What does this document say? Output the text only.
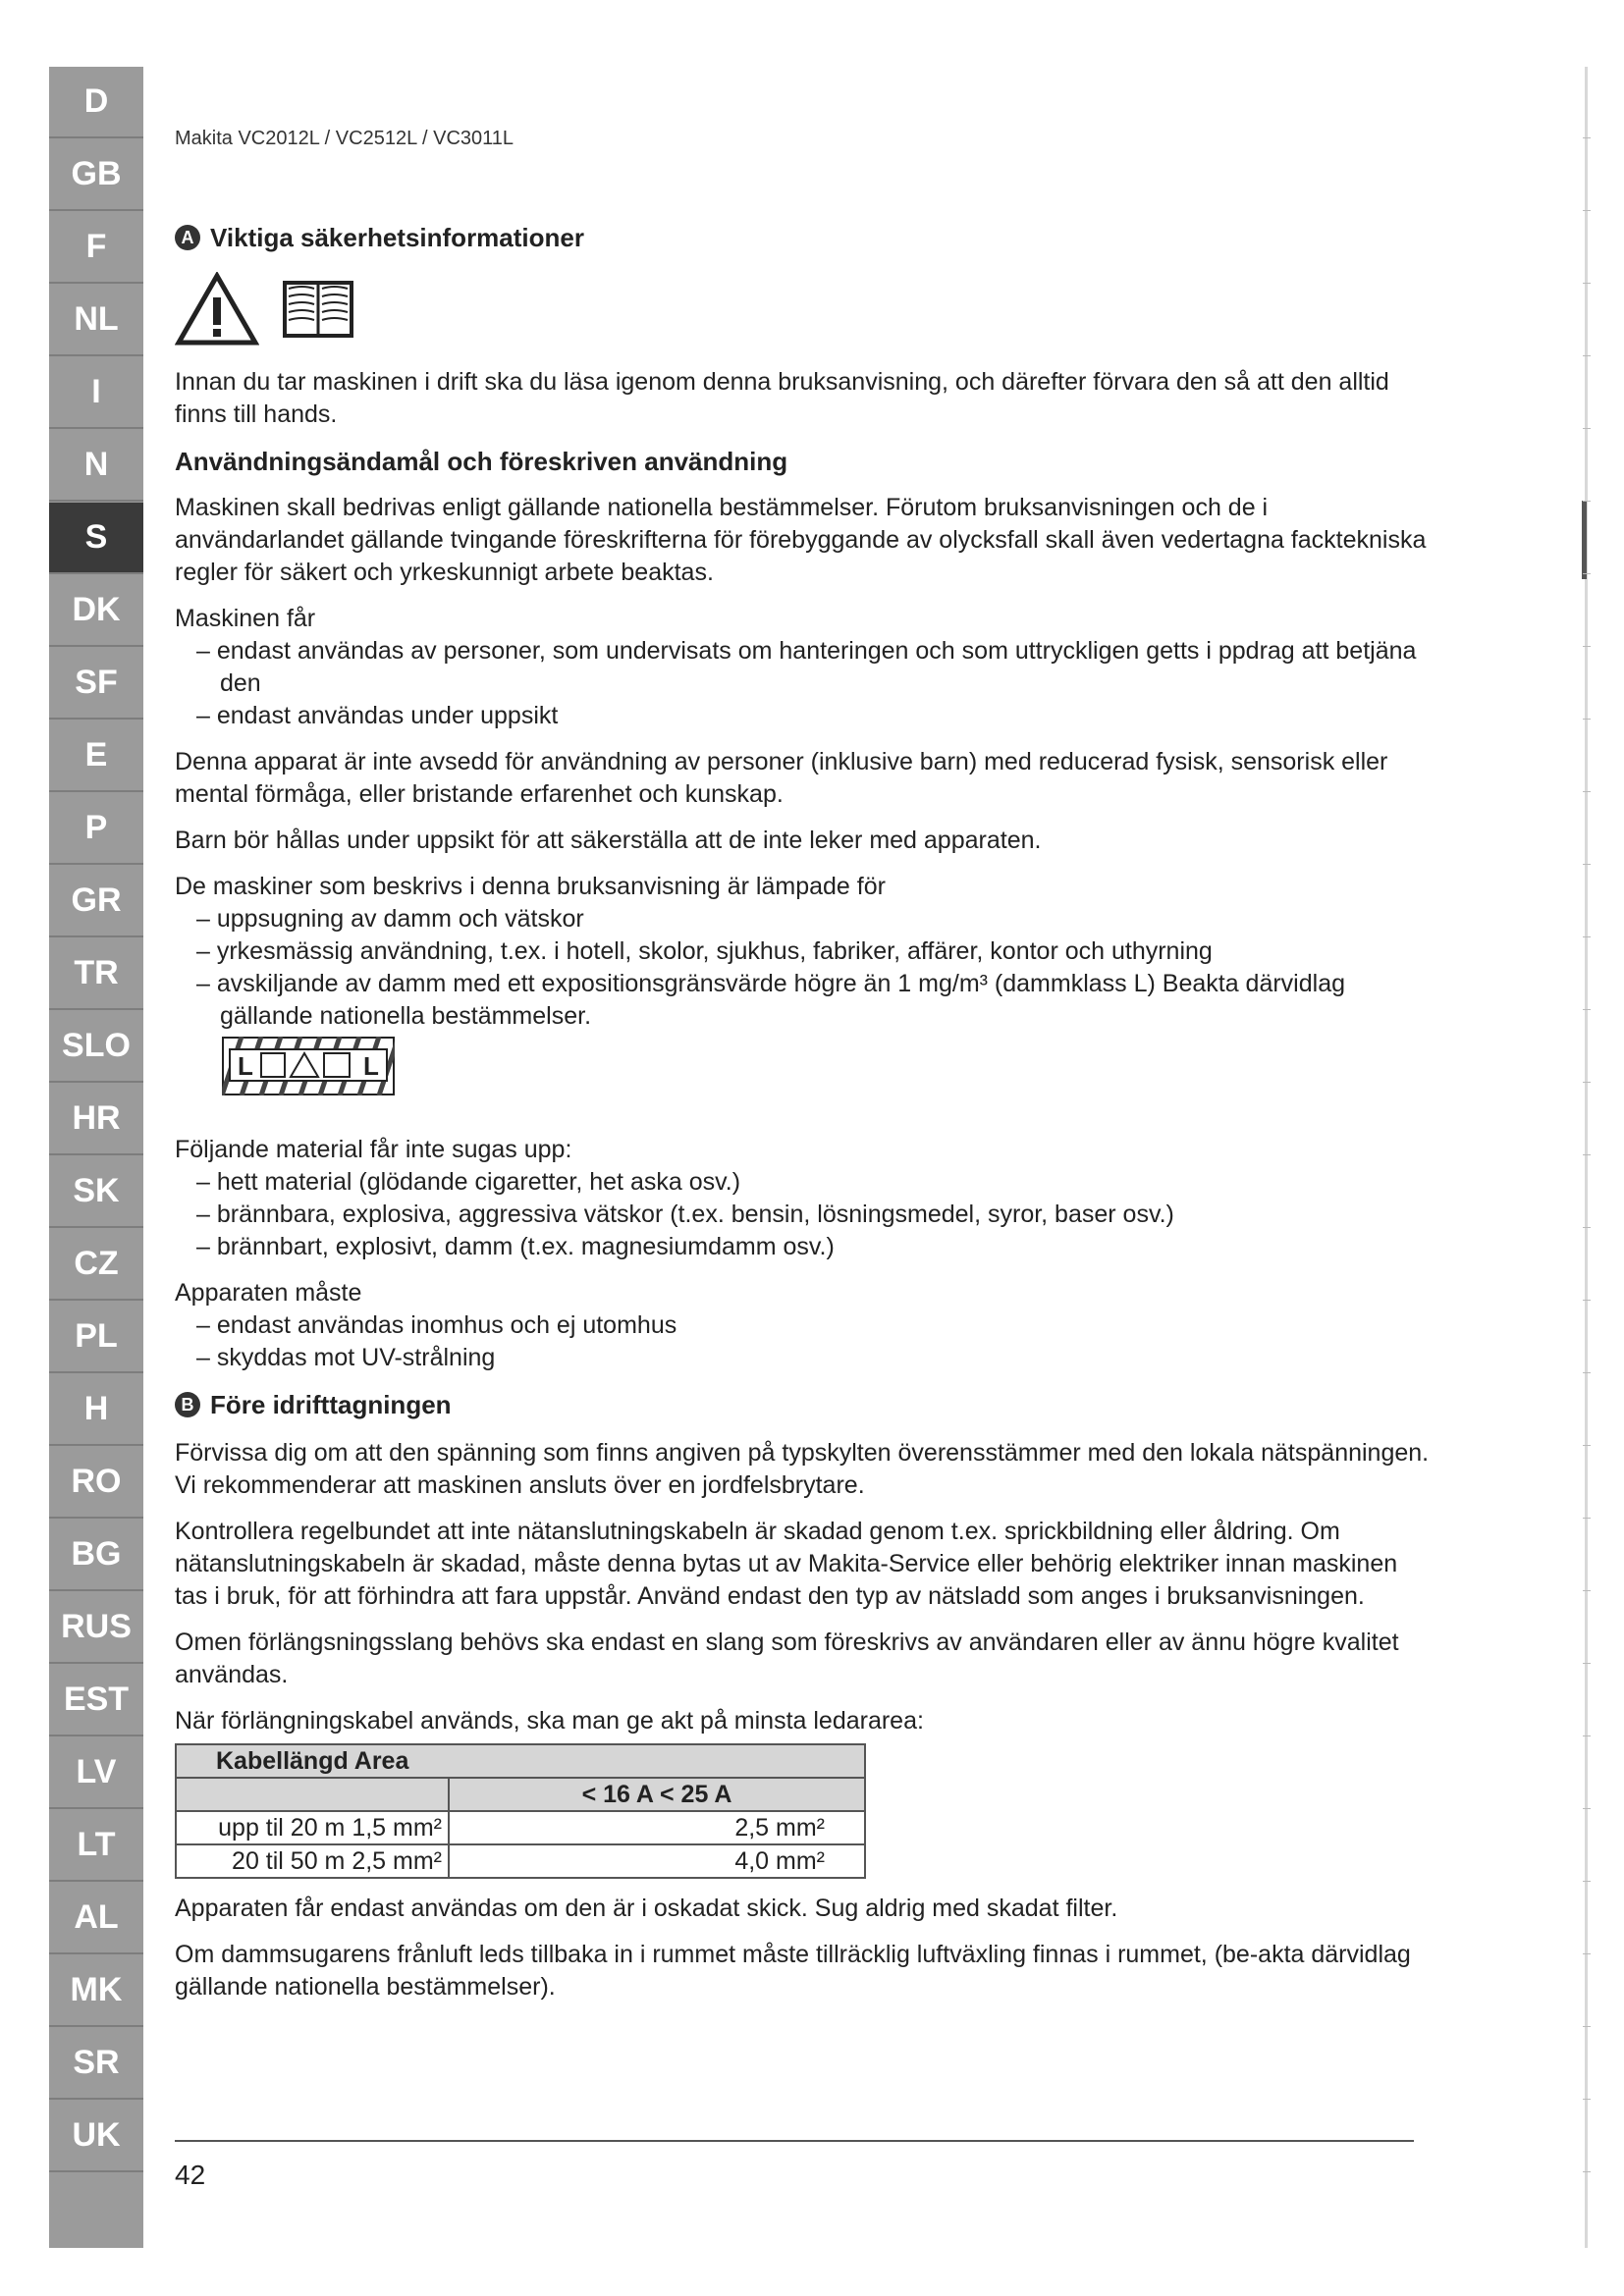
D
GB
F
NL
I
N
S
DK
SF
E
P
GR
TR
SLO
HR
SK
CZ
PL
H
RO
BG
RUS
EST
LV
LT
AL
MK
SR
UK
Makita VC2012L / VC2512L / VC3011L
A Viktiga säkerhetsinformationer

Innan du tar maskinen i drift ska du läsa igenom denna bruksanvisning, och därefter förvara den så att den alltid finns till hands.

Användningsändamål och föreskriven användning

Maskinen skall bedrivas enligt gällande nationella bestämmelser. Förutom bruksanvisningen och de i användarlandet gällande tvingande föreskrifterna för förebyggande av olycksfall skall även vedertagna facktekniska regler för säkert och yrkeskunnigt arbete beaktas.

Maskinen får

– endast användas av personer, som undervisats om hanteringen och som uttryckligen getts i ppdrag att betjäna den
– endast användas under uppsikt

Denna apparat är inte avsedd för användning av personer (inklusive barn) med reducerad fysisk, sensorisk eller mental förmåga, eller bristande erfarenhet och kunskap.

Barn bör hållas under uppsikt för att säkerställa att de inte leker med apparaten.

De maskiner som beskrivs i denna bruksanvisning är lämpade för

– uppsugning av damm och vätskor
– yrkesmässig användning, t.ex. i hotell, skolor, sjukhus, fabriker, affärer, kontor och uthyrning
– avskiljande av damm med ett expositionsgränsvärde högre än 1 mg/m³ (dammklass L) Beakta därvidlag gällande nationella bestämmelser.
L	L

Följande material får inte sugas upp:

– hett material (glödande cigaretter, het aska osv.)
– brännbara, explosiva, aggressiva vätskor (t.ex. bensin, lösningsmedel, syror, baser osv.)
– brännbart, explosivt, damm (t.ex. magnesiumdamm osv.)

Apparaten måste

– endast användas inomhus och ej utomhus
– skyddas mot UV-strålning
B Före idrifttagningen

Förvissa dig om att den spänning som finns angiven på typskylten överensstämmer med den lokala nätspänningen. Vi rekommenderar att maskinen ansluts över en jordfelsbrytare.

Kontrollera regelbundet att inte nätanslutningskabeln är skadad genom t.ex. sprickbildning eller åldring. Om nätanslutningskabeln är skadad, måste denna bytas ut av Makita-Service eller behörig elektriker innan maskinen tas i bruk, för att förhindra att fara uppstår. Använd endast den typ av nätsladd som anges i bruksanvisningen.

Omen förlängsningsslang behövs ska endast en slang som föreskrivs av användaren eller av ännu högre kvalitet användas.

När förlängningskabel används, ska man ge akt på minsta ledararea:

Kabellängd Area	
	< 16 A < 25 A
upp til 20 m 1,5 mm²	2,5 mm²
20 til 50 m 2,5 mm²	4,0 mm²

Apparaten får endast användas om den är i oskadat skick. Sug aldrig med skadat filter.

Om dammsugarens frånluft leds tillbaka in i rummet måste tillräcklig luftväxling finnas i rummet, (be-akta därvidlag gällande nationella bestämmelser).

42
